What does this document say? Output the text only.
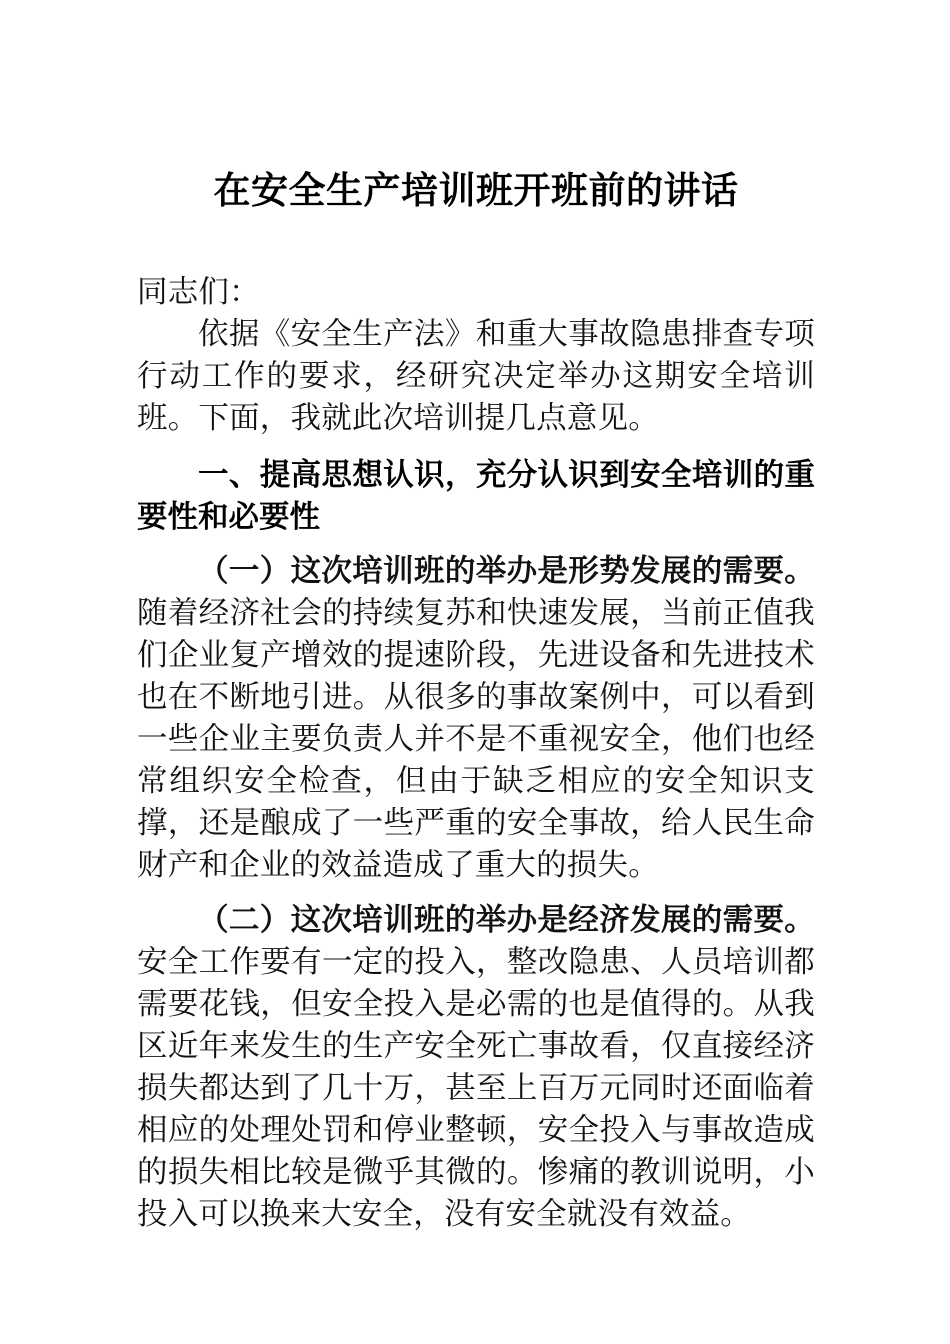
在安全生产培训班开班前的讲话

同志们：

依据《安全生产法》和重大事故隐患排查专项行动工作的要求，经研究决定举办这期安全培训班。下面，我就此次培训提几点意见。

一、提高思想认识，充分认识到安全培训的重要性和必要性

（一）这次培训班的举办是形势发展的需要。随着经济社会的持续复苏和快速发展，当前正值我们企业复产增效的提速阶段，先进设备和先进技术也在不断地引进。从很多的事故案例中，可以看到一些企业主要负责人并不是不重视安全，他们也经常组织安全检查，但由于缺乏相应的安全知识支撑，还是酿成了一些严重的安全事故，给人民生命财产和企业的效益造成了重大的损失。

（二）这次培训班的举办是经济发展的需要。安全工作要有一定的投入，整改隐患、人员培训都需要花钱，但安全投入是必需的也是值得的。从我区近年来发生的生产安全死亡事故看，仅直接经济损失都达到了几十万，甚至上百万元同时还面临着相应的处理处罚和停业整顿，安全投入与事故造成的损失相比较是微乎其微的。惨痛的教训说明，小投入可以换来大安全，没有安全就没有效益。
